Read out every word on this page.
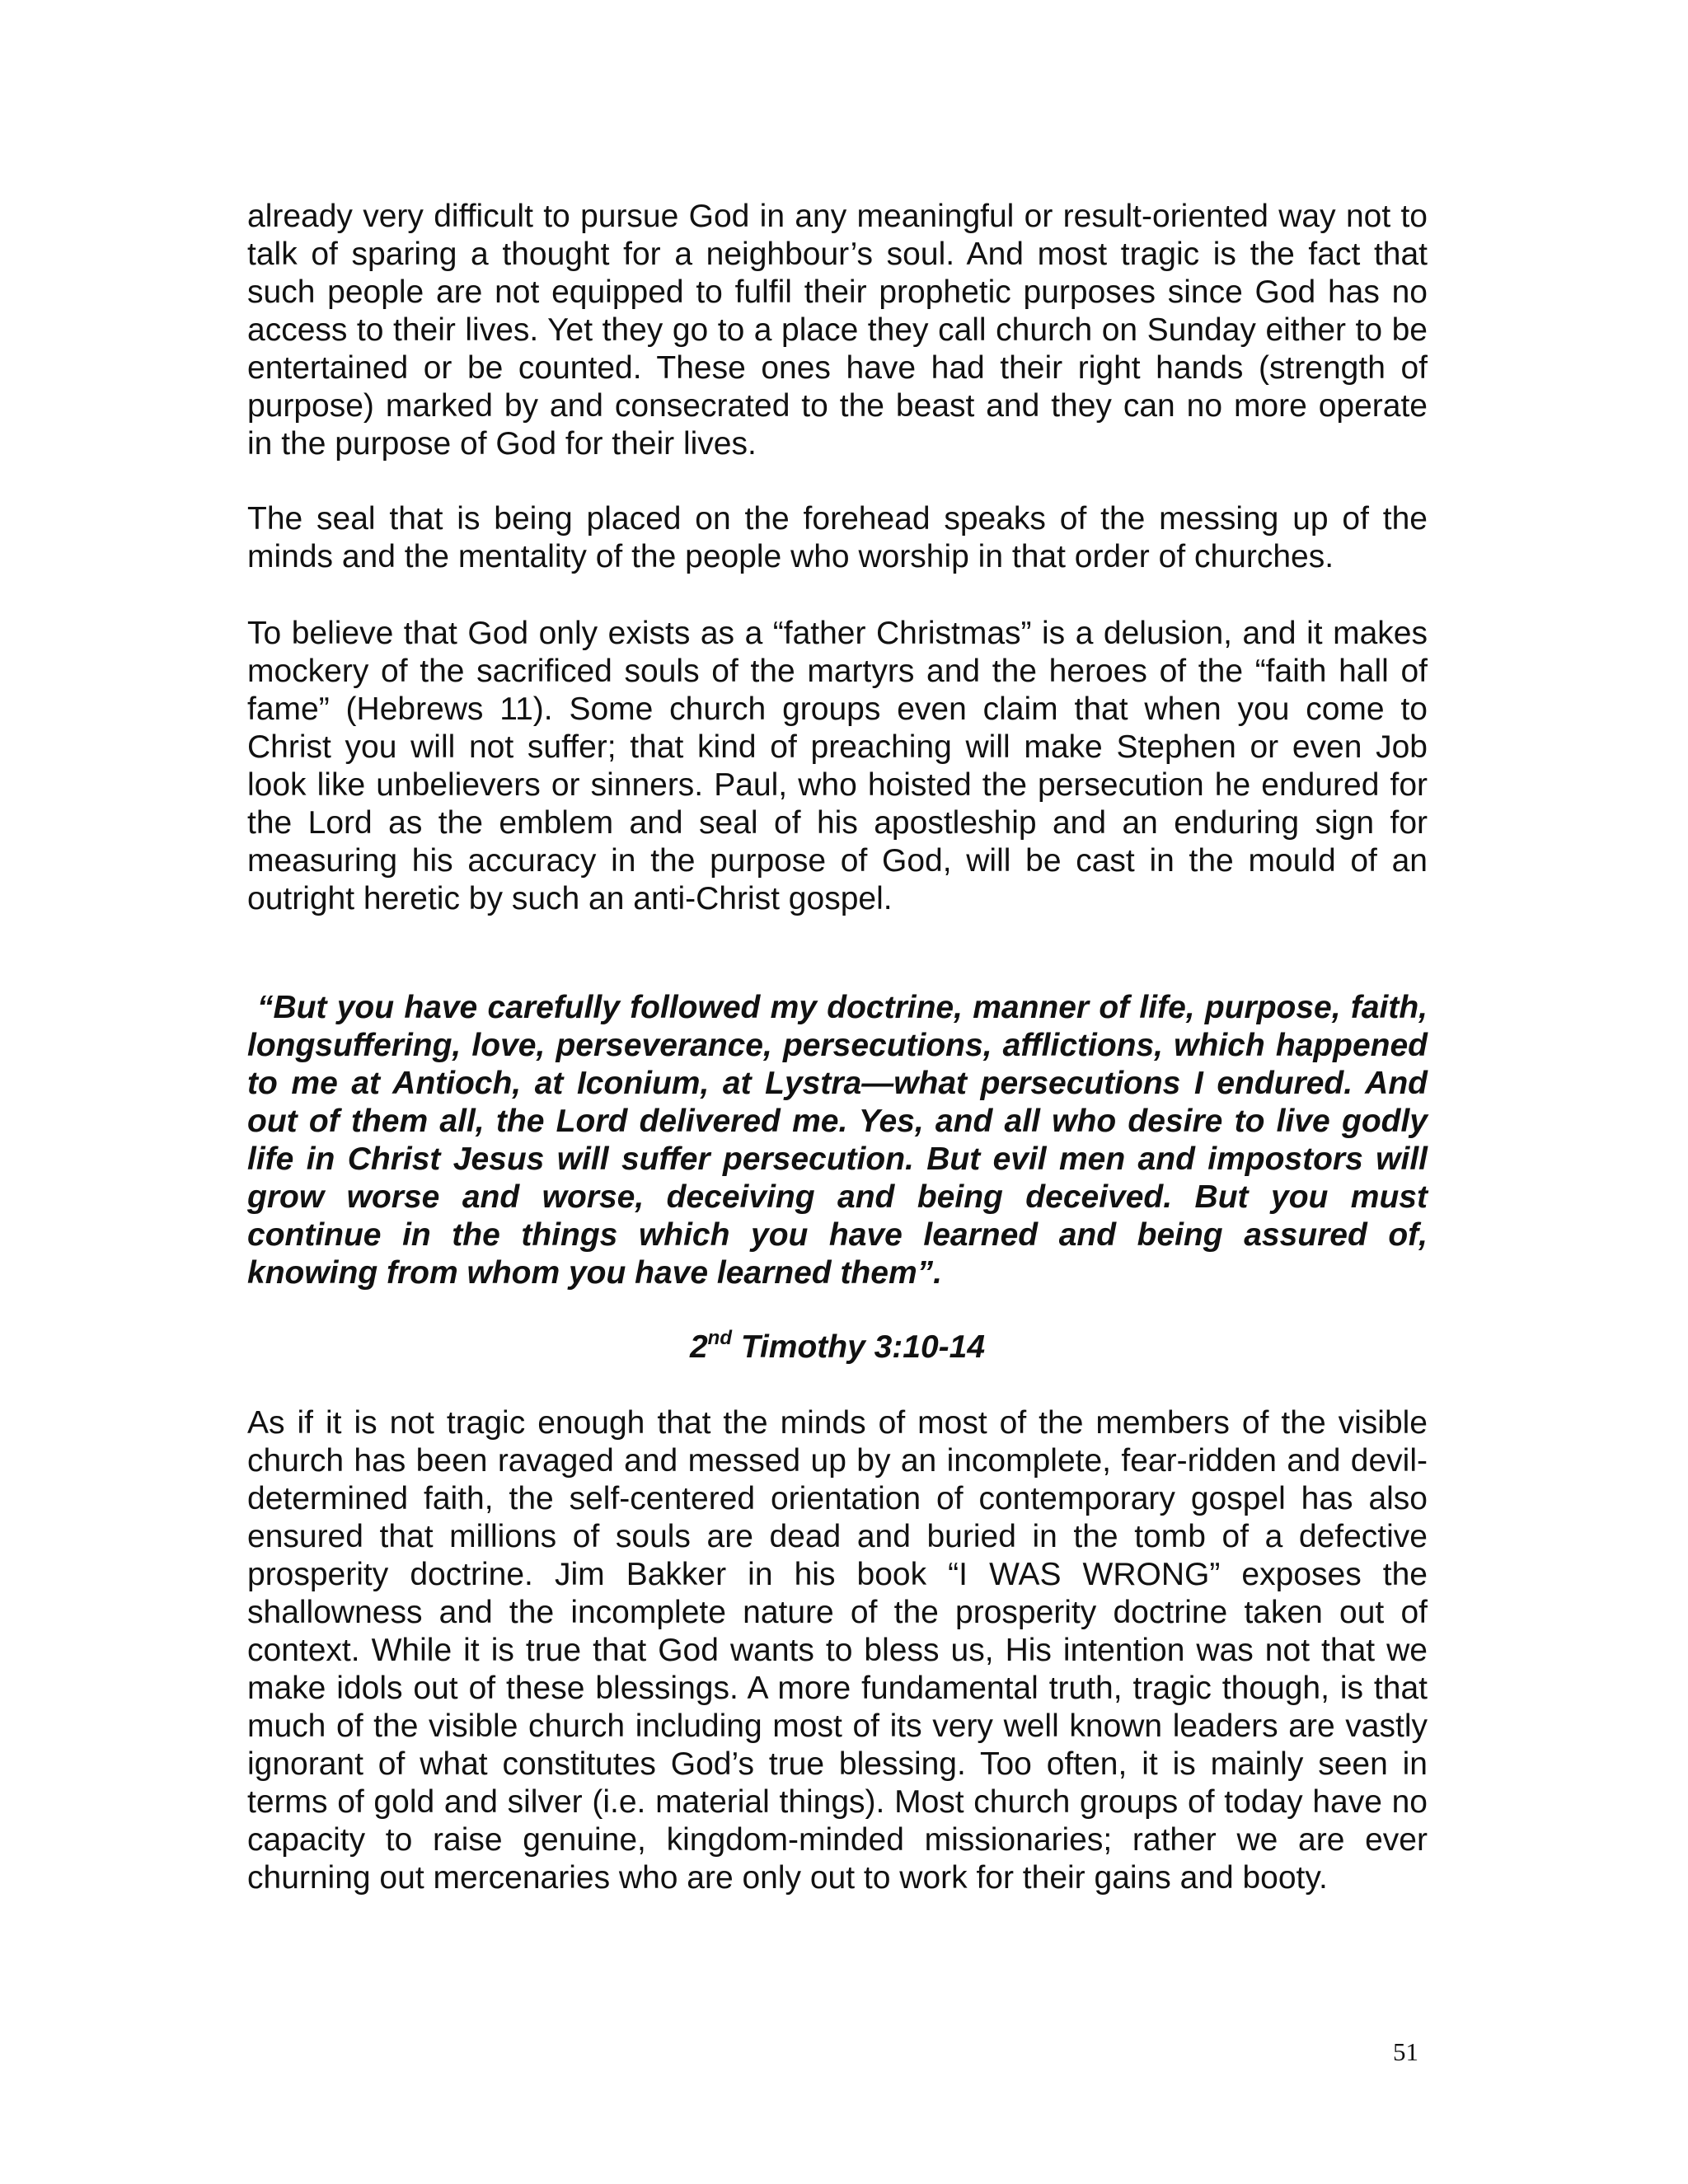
already very difficult to pursue God in any meaningful or result-oriented way not to talk of sparing a thought for a neighbour’s soul. And most tragic is the fact that such people are not equipped to fulfil their prophetic purposes since God has no access to their lives. Yet they go to a place they call church on Sunday either to be entertained or be counted. These ones have had their right hands (strength of purpose) marked by and consecrated to the beast and they can no more operate in the purpose of God for their lives.

The seal that is being placed on the forehead speaks of the messing up of the minds and the mentality of the people who worship in that order of churches.

To believe that God only exists as a “father Christmas” is a delusion, and it makes mockery of the sacrificed souls of the martyrs and the heroes of the “faith hall of fame” (Hebrews 11). Some church groups even claim that when you come to Christ you will not suffer; that kind of preaching will make Stephen or even Job look like unbelievers or sinners. Paul, who hoisted the persecution he endured for the Lord as the emblem and seal of his apostleship and an enduring sign for measuring his accuracy in the purpose of God, will be cast in the mould of an outright heretic by such an anti-Christ gospel.

“But you have carefully followed my doctrine, manner of life, purpose, faith, longsuffering, love, perseverance, persecutions, afflictions, which happened to me at Antioch, at Iconium, at Lystra—what persecutions I endured. And out of them all, the Lord delivered me. Yes, and all who desire to live godly life in Christ Jesus will suffer persecution. But evil men and impostors will grow worse and worse, deceiving and being deceived. But you must continue in the things which you have learned and being assured of, knowing from whom you have learned them”.

2nd Timothy 3:10-14

As if it is not tragic enough that the minds of most of the members of the visible church has been ravaged and messed up by an incomplete, fear-ridden and devil-determined faith, the self-centered orientation of contemporary gospel has also ensured that millions of souls are dead and buried in the tomb of a defective prosperity doctrine. Jim Bakker in his book “I WAS WRONG” exposes the shallowness and the incomplete nature of the prosperity doctrine taken out of context. While it is true that God wants to bless us, His intention was not that we make idols out of these blessings. A more fundamental truth, tragic though, is that much of the visible church including most of its very well known leaders are vastly ignorant of what constitutes God’s true blessing. Too often, it is mainly seen in terms of gold and silver (i.e. material things). Most church groups of today have no capacity to raise genuine, kingdom-minded missionaries; rather we are ever churning out mercenaries who are only out to work for their gains and booty.

51
